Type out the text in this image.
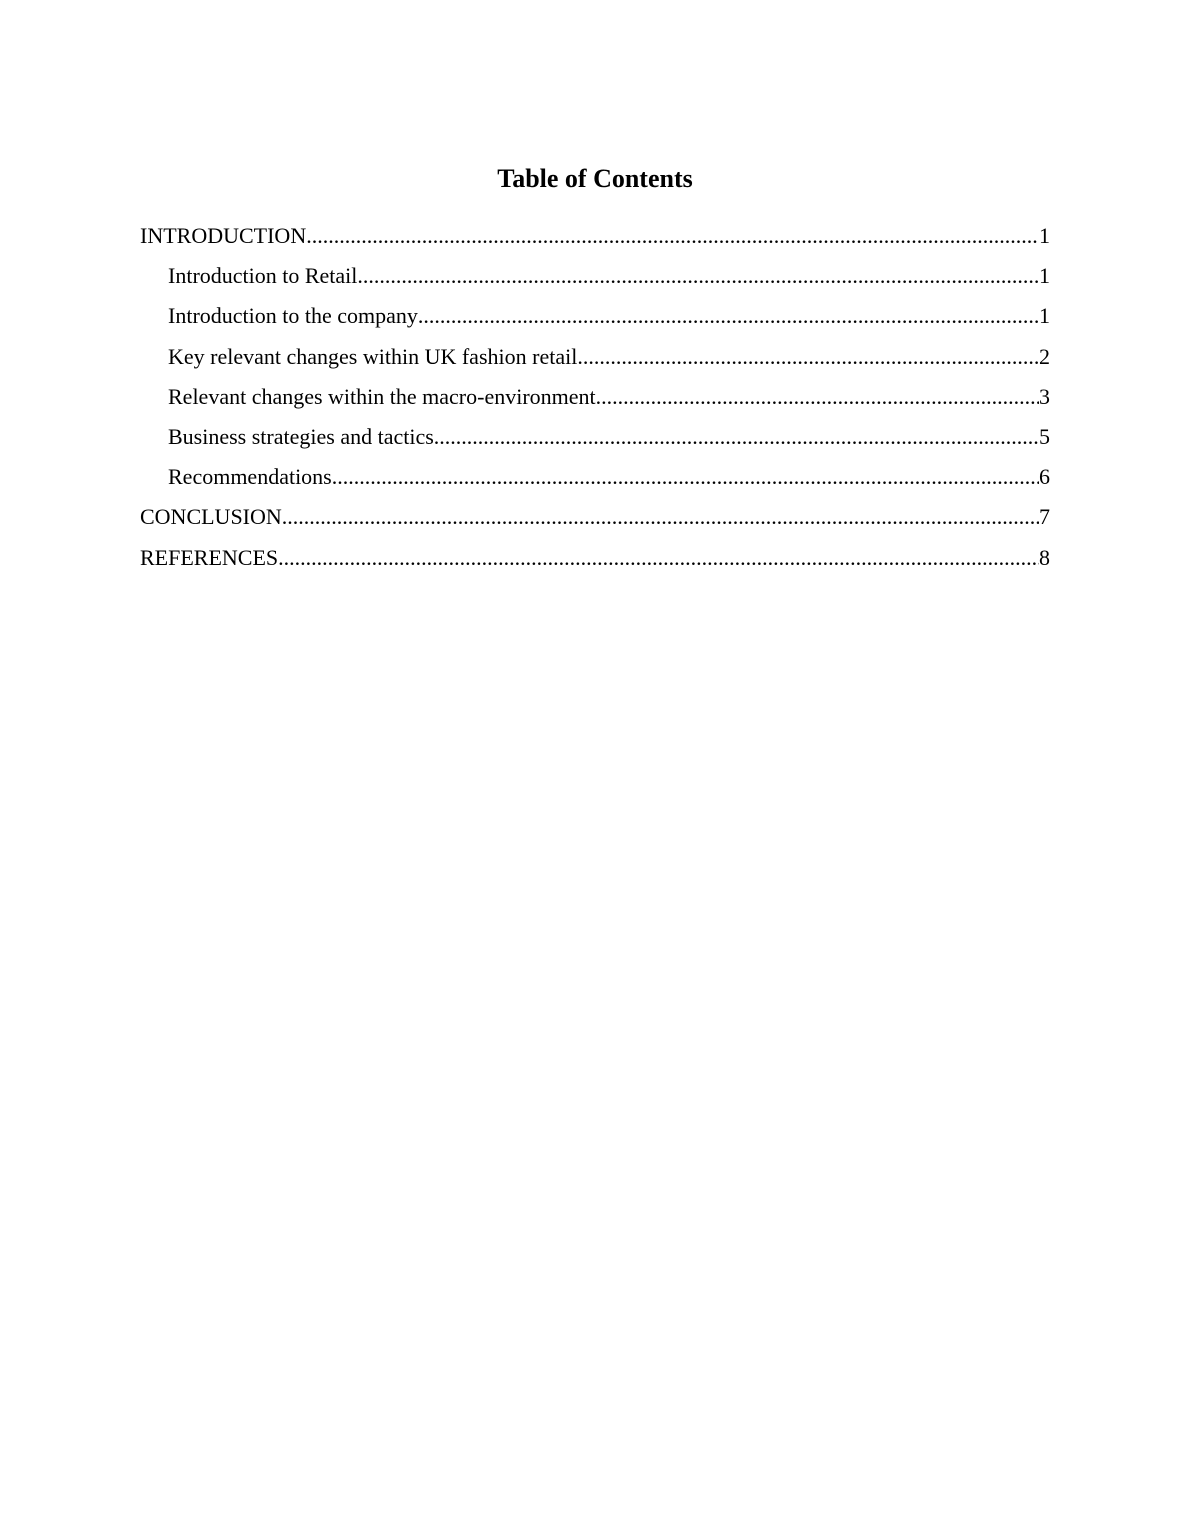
Table of Contents
INTRODUCTION .....	1
Introduction to Retail .....	1
Introduction to the company .....	1
Key relevant changes within UK fashion retail .....	2
Relevant changes within the macro-environment .....	3
Business strategies and tactics .....	5
Recommendations .....	6
CONCLUSION .....	7
REFERENCES .....	8
